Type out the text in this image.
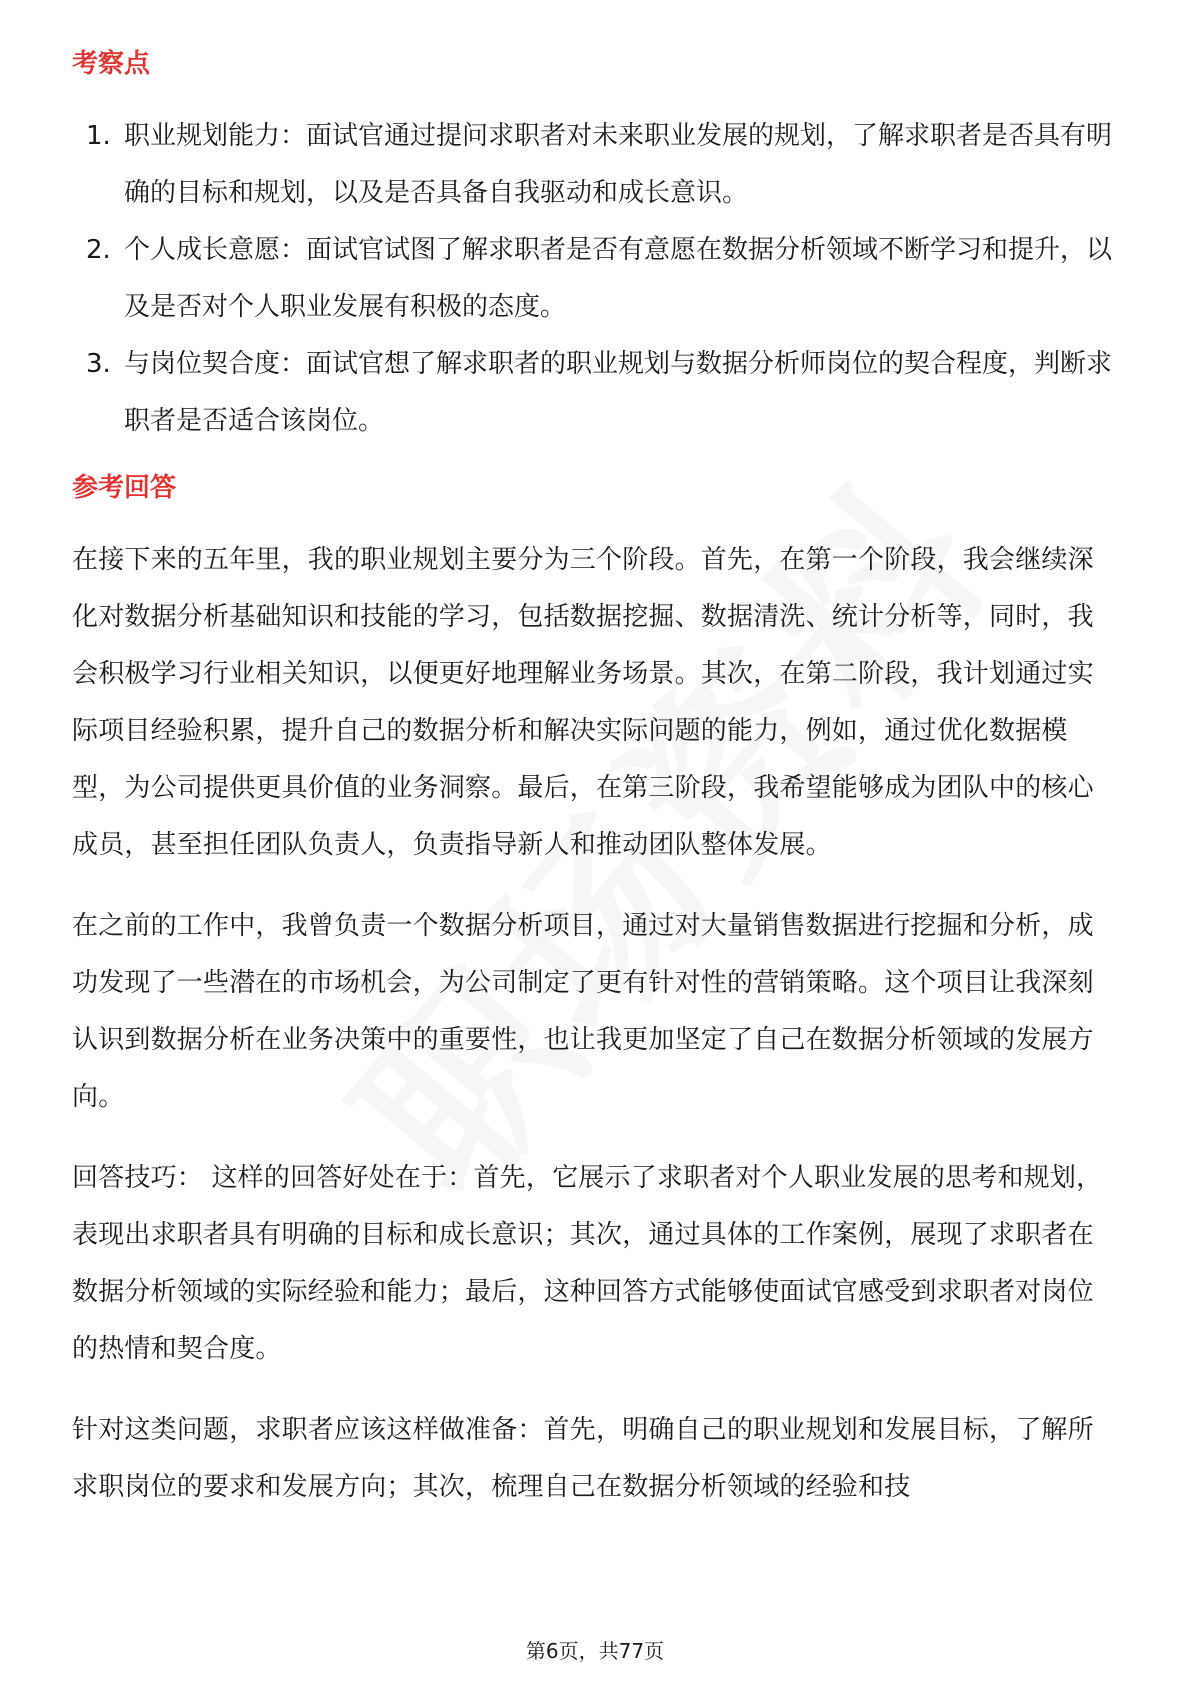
考察点
1. 职业规划能力：面试官通过提问求职者对未来职业发展的规划，了解求职者是否具有明确的目标和规划，以及是否具备自我驱动和成长意识。
2. 个人成长意愿：面试官试图了解求职者是否有意愿在数据分析领域不断学习和提升，以及是否对个人职业发展有积极的态度。
3. 与岗位契合度：面试官想了解求职者的职业规划与数据分析师岗位的契合程度，判断求职者是否适合该岗位。
参考回答

在接下来的五年里，我的职业规划主要分为三个阶段。首先，在第一个阶段，我会继续深化对数据分析基础知识和技能的学习，包括数据挖掘、数据清洗、统计分析等，同时，我会积极学习行业相关知识，以便更好地理解业务场景。其次，在第二阶段，我计划通过实际项目经验积累，提升自己的数据分析和解决实际问题的能力，例如，通过优化数据模型，为公司提供更具价值的业务洞察。最后，在第三阶段，我希望能够成为团队中的核心成员，甚至担任团队负责人，负责指导新人和推动团队整体发展。

在之前的工作中，我曾负责一个数据分析项目，通过对大量销售数据进行挖掘和分析，成功发现了一些潜在的市场机会，为公司制定了更有针对性的营销策略。这个项目让我深刻认识到数据分析在业务决策中的重要性，也让我更加坚定了自己在数据分析领域的发展方向。

回答技巧： 这样的回答好处在于：首先，它展示了求职者对个人职业发展的思考和规划，表现出求职者具有明确的目标和成长意识；其次，通过具体的工作案例，展现了求职者在数据分析领域的实际经验和能力；最后，这种回答方式能够使面试官感受到求职者对岗位的热情和契合度。

针对这类问题，求职者应该这样做准备：首先，明确自己的职业规划和发展目标，了解所求职岗位的要求和发展方向；其次，梳理自己在数据分析领域的经验和技

第6页，共77页
